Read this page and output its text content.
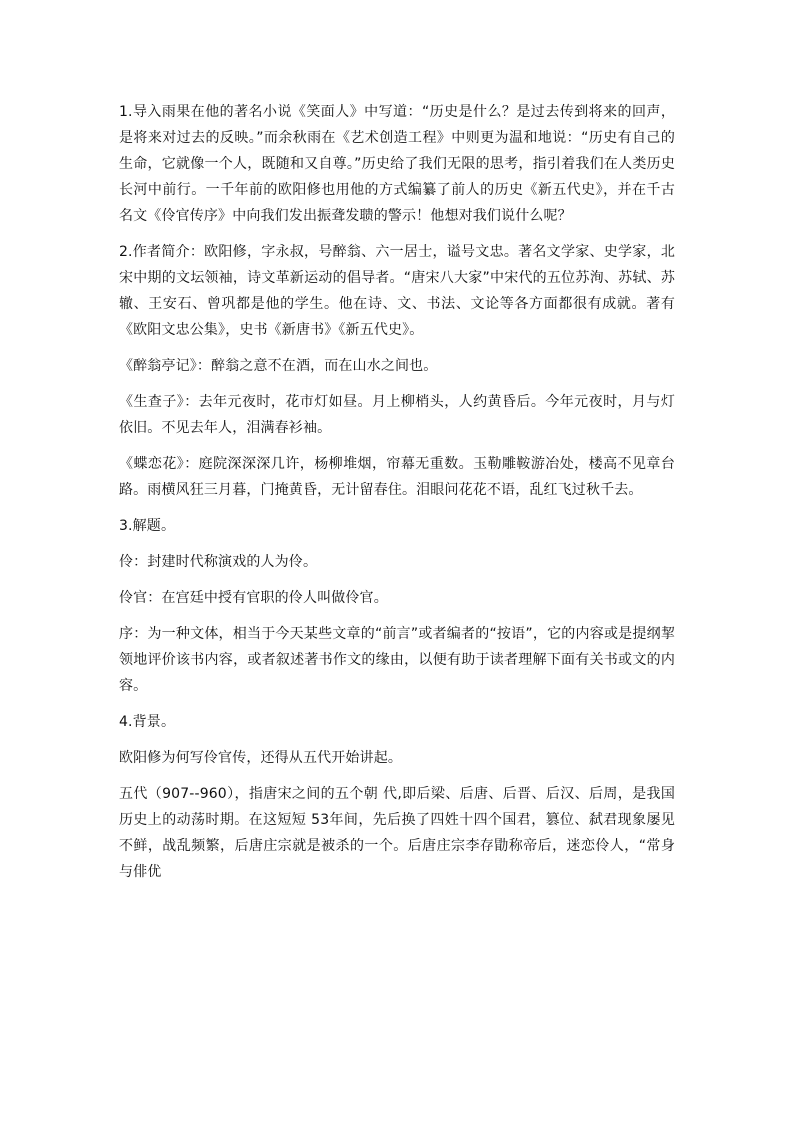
1.导入雨果在他的著名小说《笑面人》中写道：“历史是什么？是过去传到将来的回声，是将来对过去的反映。”而余秋雨在《艺术创造工程》中则更为温和地说：“历史有自己的生命，它就像一个人，既随和又自尊。”历史给了我们无限的思考，指引着我们在人类历史长河中前行。一千年前的欧阳修也用他的方式编纂了前人的历史《新五代史》，并在千古名文《伶官传序》中向我们发出振聋发聩的警示！他想对我们说什么呢？

2.作者简介：欧阳修，字永叔，号醉翁、六一居士，谥号文忠。著名文学家、史学家，北宋中期的文坛领袖，诗文革新运动的倡导者。“唐宋八大家”中宋代的五位苏洵、苏轼、苏辙、王安石、曾巩都是他的学生。他在诗、文、书法、文论等各方面都很有成就。著有《欧阳文忠公集》，史书《新唐书》《新五代史》。

《醉翁亭记》：醉翁之意不在酒，而在山水之间也。

《生查子》：去年元夜时，花市灯如昼。月上柳梢头，人约黄昏后。今年元夜时，月与灯依旧。不见去年人，泪满春衫袖。

《蝶恋花》：庭院深深深几许，杨柳堆烟，帘幕无重数。玉勒雕鞍游冶处，楼高不见章台路。雨横风狂三月暮，门掩黄昏，无计留春住。泪眼问花花不语，乱红飞过秋千去。

3.解题。

伶：封建时代称演戏的人为伶。

伶官：在宫廷中授有官职的伶人叫做伶官。

序：为一种文体，相当于今天某些文章的“前言”或者编者的“按语”，它的内容或是提纲挈领地评价该书内容，或者叙述著书作文的缘由，以便有助于读者理解下面有关书或文的内容。

4.背景。

欧阳修为何写伶官传，还得从五代开始讲起。

五代（907--960），指唐宋之间的五个朝 代,即后梁、后唐、后晋、后汉、后周，是我国历史上的动荡时期。在这短短 53年间，先后换了四姓十四个国君，篡位、弑君现象屡见不鲜，战乱频繁，后唐庄宗就是被杀的一个。后唐庄宗李存勖称帝后，迷恋伶人，“常身与俳优
